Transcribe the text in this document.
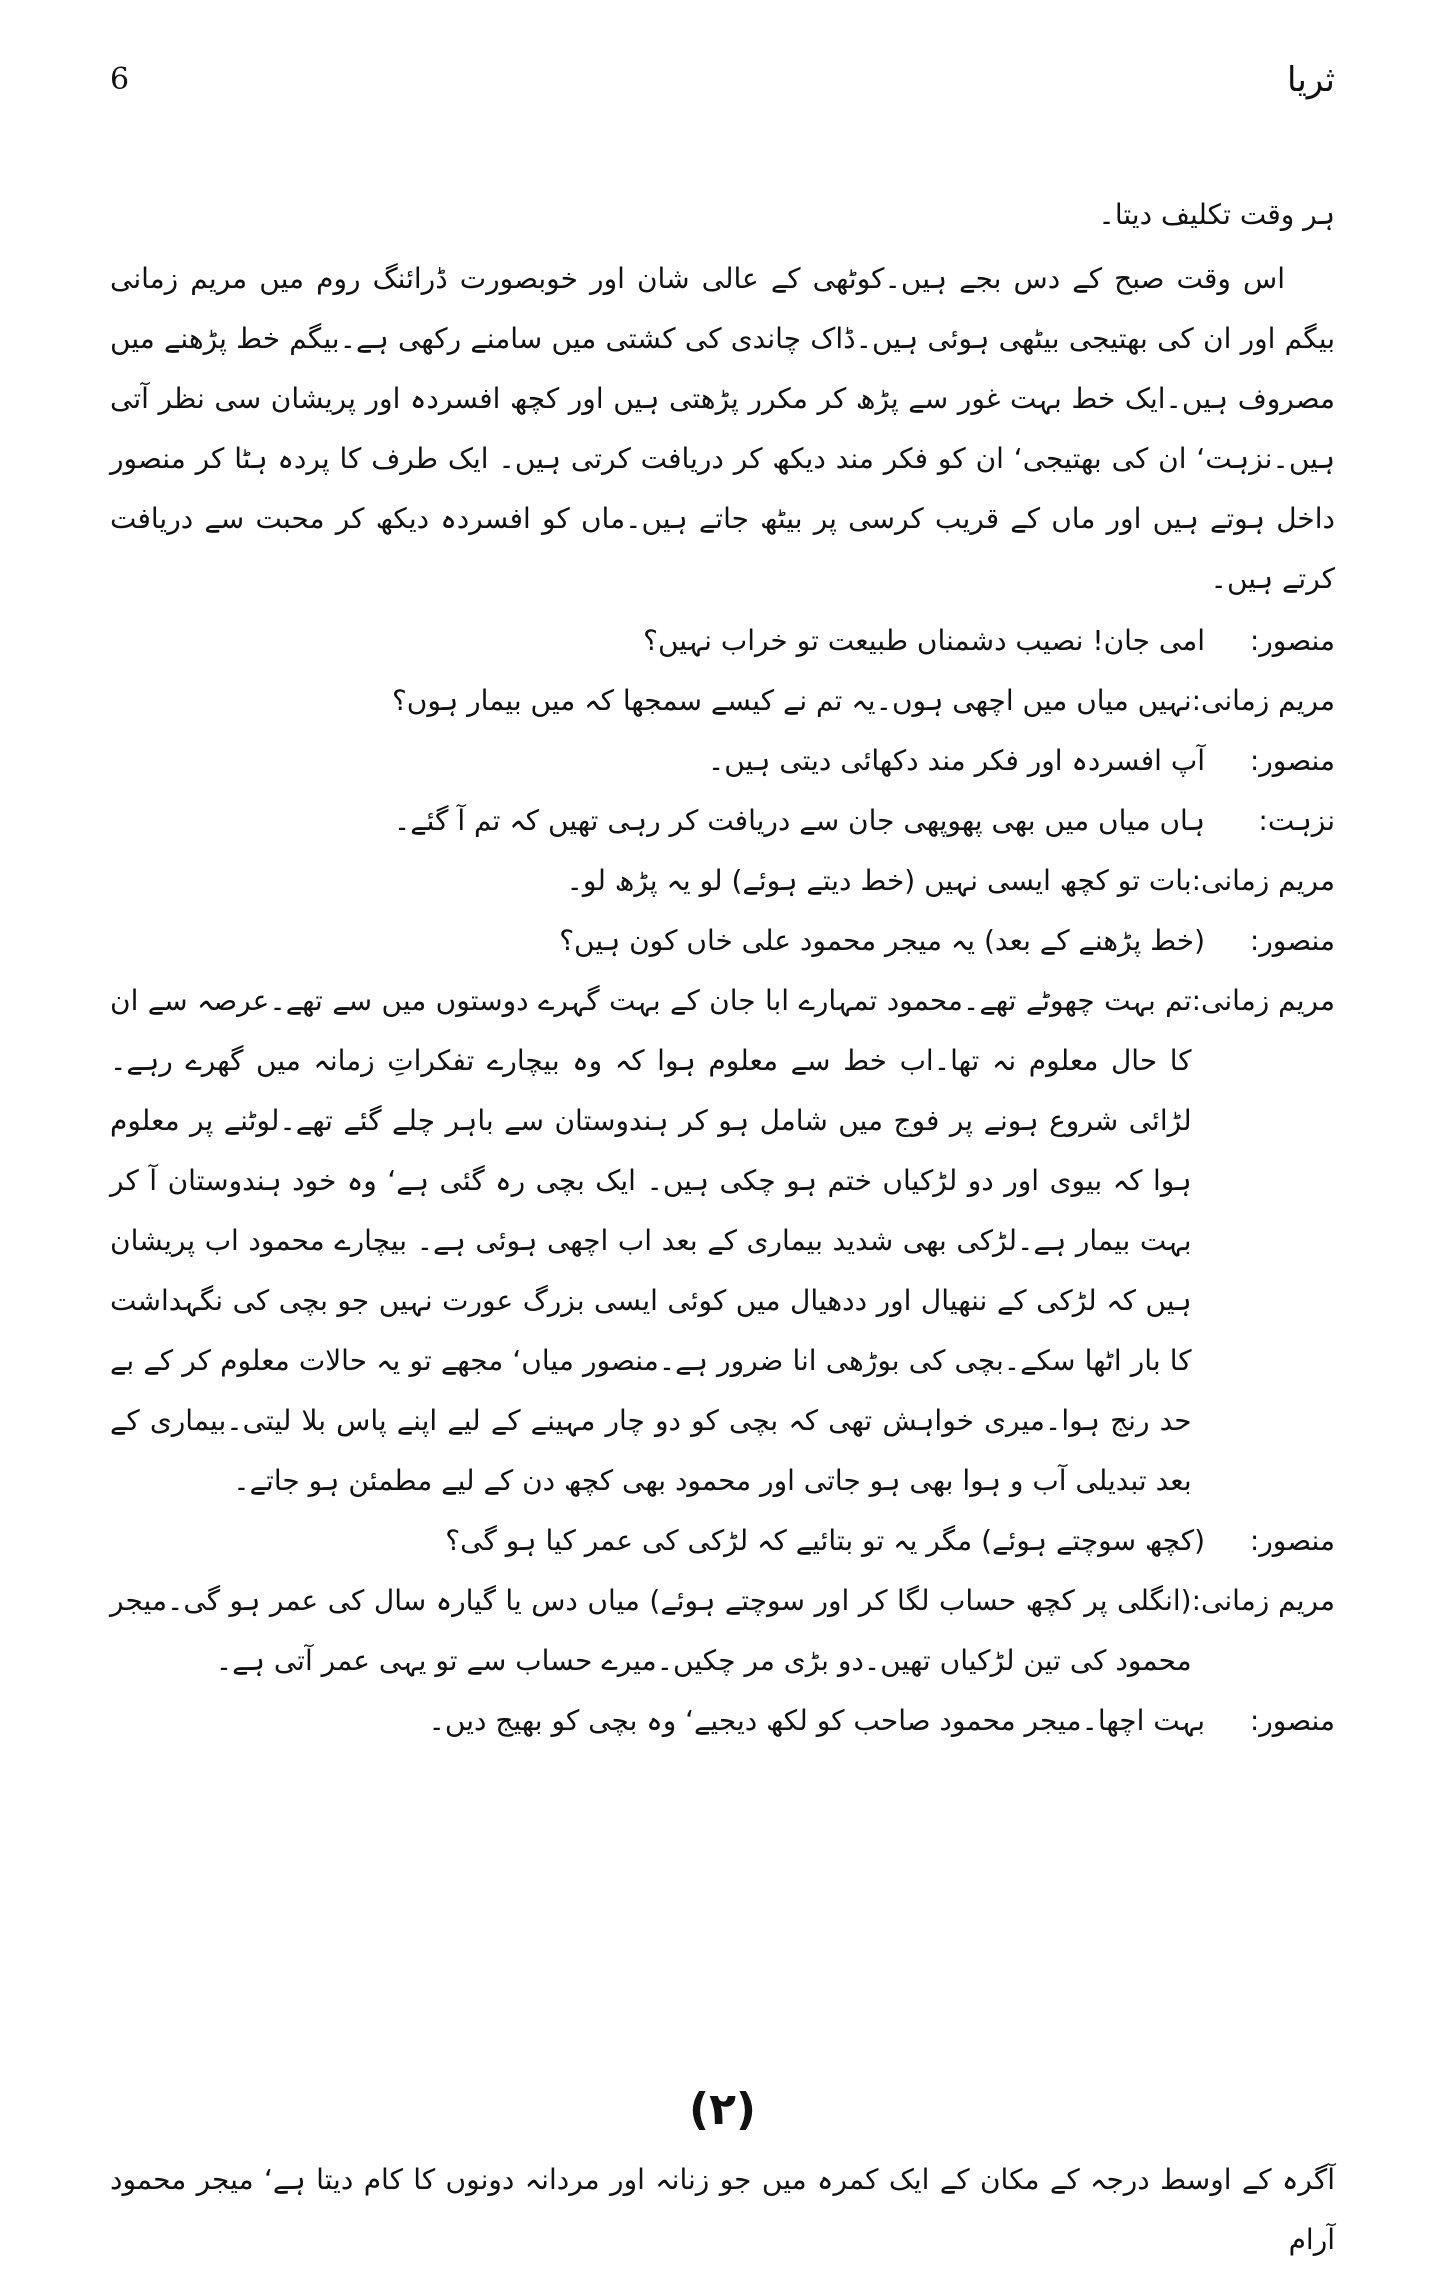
6	ثریا

ہر وقت تکلیف دیتا۔

اس وقت صبح کے دس بجے ہیں۔کوٹھی کے عالی شان اور خوبصورت ڈرائنگ روم میں مریم زمانی بیگم اور ان کی بھتیجی بیٹھی ہوئی ہیں۔ڈاک چاندی کی کشتی میں سامنے رکھی ہے۔بیگم خط پڑھنے میں مصروف ہیں۔ایک خط بہت غور سے پڑھ کر مکرر پڑھتی ہیں اور کچھ افسردہ اور پریشان سی نظر آتی ہیں۔نزہت‘ ان کی بھتیجی‘ ان کو فکر مند دیکھ کر دریافت کرتی ہیں۔ ایک طرف کا پردہ ہٹا کر منصور داخل ہوتے ہیں اور ماں کے قریب کرسی پر بیٹھ جاتے ہیں۔ماں کو افسردہ دیکھ کر محبت سے دریافت کرتے ہیں۔

منصور:
امی جان! نصیب دشمناں طبیعت تو خراب نہیں؟
مریم زمانی:
نہیں میاں میں اچھی ہوں۔یہ تم نے کیسے سمجھا کہ میں بیمار ہوں؟
منصور:
آپ افسردہ اور فکر مند دکھائی دیتی ہیں۔
نزہت:
ہاں میاں میں بھی پھوپھی جان سے دریافت کر رہی تھیں کہ تم آ گئے۔
مریم زمانی:
بات تو کچھ ایسی نہیں (خط دیتے ہوئے) لو یہ پڑھ لو۔
منصور:
(خط پڑھنے کے بعد) یہ میجر محمود علی خاں کون ہیں؟
مریم زمانی:
تم بہت چھوٹے تھے۔محمود تمہارے ابا جان کے بہت گہرے دوستوں میں سے تھے۔عرصہ سے ان کا حال معلوم نہ تھا۔اب خط سے معلوم ہوا کہ وہ بیچارے تفکراتِ زمانہ میں گھرے رہے۔لڑائی شروع ہونے پر فوج میں شامل ہو کر ہندوستان سے باہر چلے گئے تھے۔لوٹنے پر معلوم ہوا کہ بیوی اور دو لڑکیاں ختم ہو چکی ہیں۔ ایک بچی رہ گئی ہے‘ وہ خود ہندوستان آ کر بہت بیمار ہے۔لڑکی بھی شدید بیماری کے بعد اب اچھی ہوئی ہے۔ بیچارے محمود اب پریشان ہیں کہ لڑکی کے ننھیال اور ددھیال میں کوئی ایسی بزرگ عورت نہیں جو بچی کی نگہداشت کا بار اٹھا سکے۔بچی کی بوڑھی انا ضرور ہے۔منصور میاں‘ مجھے تو یہ حالات معلوم کر کے بے حد رنج ہوا۔میری خواہش تھی کہ بچی کو دو چار مہینے کے لیے اپنے پاس بلا لیتی۔بیماری کے بعد تبدیلی آب و ہوا بھی ہو جاتی اور محمود بھی کچھ دن کے لیے مطمئن ہو جاتے۔
منصور:
(کچھ سوچتے ہوئے) مگر یہ تو بتائیے کہ لڑکی کی عمر کیا ہو گی؟
مریم زمانی:
(انگلی پر کچھ حساب لگا کر اور سوچتے ہوئے) میاں دس یا گیارہ سال کی عمر ہو گی۔میجر محمود کی تین لڑکیاں تھیں۔دو بڑی مر چکیں۔میرے حساب سے تو یہی عمر آتی ہے۔
منصور:
بہت اچھا۔میجر محمود صاحب کو لکھ دیجیے‘ وہ بچی کو بھیج دیں۔
(۲)

آگرہ کے اوسط درجہ کے مکان کے ایک کمرہ میں جو زنانہ اور مردانہ دونوں کا کام دیتا ہے‘ میجر محمود آرام
